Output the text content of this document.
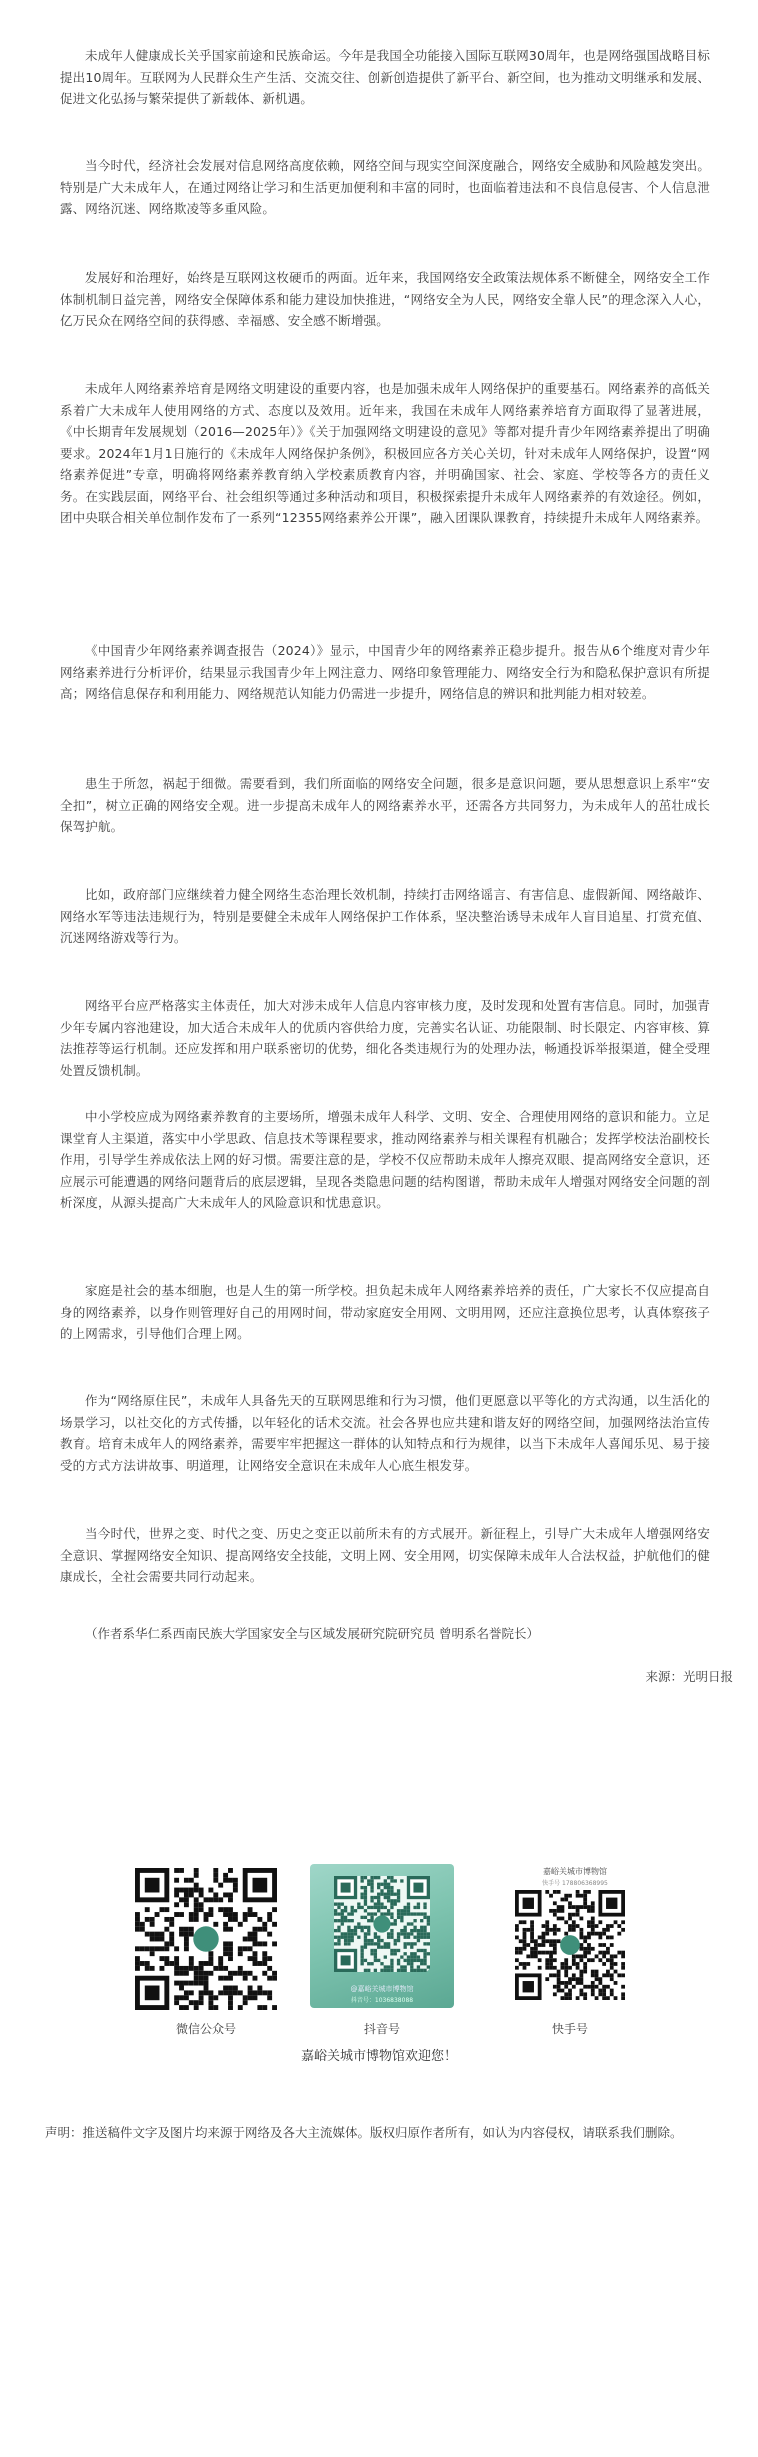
未成年人健康成长关乎国家前途和民族命运。今年是我国全功能接入国际互联网30周年，也是网络强国战略目标提出10周年。互联网为人民群众生产生活、交流交往、创新创造提供了新平台、新空间，也为推动文明继承和发展、促进文化弘扬与繁荣提供了新载体、新机遇。

当今时代，经济社会发展对信息网络高度依赖，网络空间与现实空间深度融合，网络安全威胁和风险越发突出。特别是广大未成年人，在通过网络让学习和生活更加便利和丰富的同时，也面临着违法和不良信息侵害、个人信息泄露、网络沉迷、网络欺凌等多重风险。

发展好和治理好，始终是互联网这枚硬币的两面。近年来，我国网络安全政策法规体系不断健全，网络安全工作体制机制日益完善，网络安全保障体系和能力建设加快推进，“网络安全为人民，网络安全靠人民”的理念深入人心，亿万民众在网络空间的获得感、幸福感、安全感不断增强。

未成年人网络素养培育是网络文明建设的重要内容，也是加强未成年人网络保护的重要基石。网络素养的高低关系着广大未成年人使用网络的方式、态度以及效用。近年来，我国在未成年人网络素养培育方面取得了显著进展，《中长期青年发展规划（2016—2025年）》《关于加强网络文明建设的意见》等都对提升青少年网络素养提出了明确要求。2024年1月1日施行的《未成年人网络保护条例》，积极回应各方关心关切，针对未成年人网络保护，设置“网络素养促进”专章，明确将网络素养教育纳入学校素质教育内容，并明确国家、社会、家庭、学校等各方的责任义务。在实践层面，网络平台、社会组织等通过多种活动和项目，积极探索提升未成年人网络素养的有效途径。例如，团中央联合相关单位制作发布了一系列“12355网络素养公开课”，融入团课队课教育，持续提升未成年人网络素养。

《中国青少年网络素养调查报告（2024）》显示，中国青少年的网络素养正稳步提升。报告从6个维度对青少年网络素养进行分析评价，结果显示我国青少年上网注意力、网络印象管理能力、网络安全行为和隐私保护意识有所提高；网络信息保存和利用能力、网络规范认知能力仍需进一步提升，网络信息的辨识和批判能力相对较差。

患生于所忽，祸起于细微。需要看到，我们所面临的网络安全问题，很多是意识问题，要从思想意识上系牢“安全扣”，树立正确的网络安全观。进一步提高未成年人的网络素养水平，还需各方共同努力，为未成年人的茁壮成长保驾护航。

比如，政府部门应继续着力健全网络生态治理长效机制，持续打击网络谣言、有害信息、虚假新闻、网络敲诈、网络水军等违法违规行为，特别是要健全未成年人网络保护工作体系，坚决整治诱导未成年人盲目追星、打赏充值、沉迷网络游戏等行为。

网络平台应严格落实主体责任，加大对涉未成年人信息内容审核力度，及时发现和处置有害信息。同时，加强青少年专属内容池建设，加大适合未成年人的优质内容供给力度，完善实名认证、功能限制、时长限定、内容审核、算法推荐等运行机制。还应发挥和用户联系密切的优势，细化各类违规行为的处理办法，畅通投诉举报渠道，健全受理处置反馈机制。

中小学校应成为网络素养教育的主要场所，增强未成年人科学、文明、安全、合理使用网络的意识和能力。立足课堂育人主渠道，落实中小学思政、信息技术等课程要求，推动网络素养与相关课程有机融合；发挥学校法治副校长作用，引导学生养成依法上网的好习惯。需要注意的是，学校不仅应帮助未成年人擦亮双眼、提高网络安全意识，还应展示可能遭遇的网络问题背后的底层逻辑，呈现各类隐患问题的结构图谱，帮助未成年人增强对网络安全问题的剖析深度，从源头提高广大未成年人的风险意识和忧患意识。

家庭是社会的基本细胞，也是人生的第一所学校。担负起未成年人网络素养培养的责任，广大家长不仅应提高自身的网络素养，以身作则管理好自己的用网时间，带动家庭安全用网、文明用网，还应注意换位思考，认真体察孩子的上网需求，引导他们合理上网。

作为“网络原住民”，未成年人具备先天的互联网思维和行为习惯，他们更愿意以平等化的方式沟通，以生活化的场景学习，以社交化的方式传播，以年轻化的话术交流。社会各界也应共建和谐友好的网络空间，加强网络法治宣传教育。培育未成年人的网络素养，需要牢牢把握这一群体的认知特点和行为规律，以当下未成年人喜闻乐见、易于接受的方式方法讲故事、明道理，让网络安全意识在未成年人心底生根发芽。

当今时代，世界之变、时代之变、历史之变正以前所未有的方式展开。新征程上，引导广大未成年人增强网络安全意识、掌握网络安全知识、提高网络安全技能，文明上网、安全用网，切实保障未成年人合法权益，护航他们的健康成长，全社会需要共同行动起来。

（作者系华仁系西南民族大学国家安全与区域发展研究院研究员 曾明系名誉院长）

来源：光明日报

微信公众号
@嘉峪关城市博物馆
抖音号：1036838088
抖音号
嘉峪关城市博物馆
快手号 178806368995
快手号

嘉峪关城市博物馆欢迎您！

声明：推送稿件文字及图片均来源于网络及各大主流媒体。版权归原作者所有，如认为内容侵权，请联系我们删除。
